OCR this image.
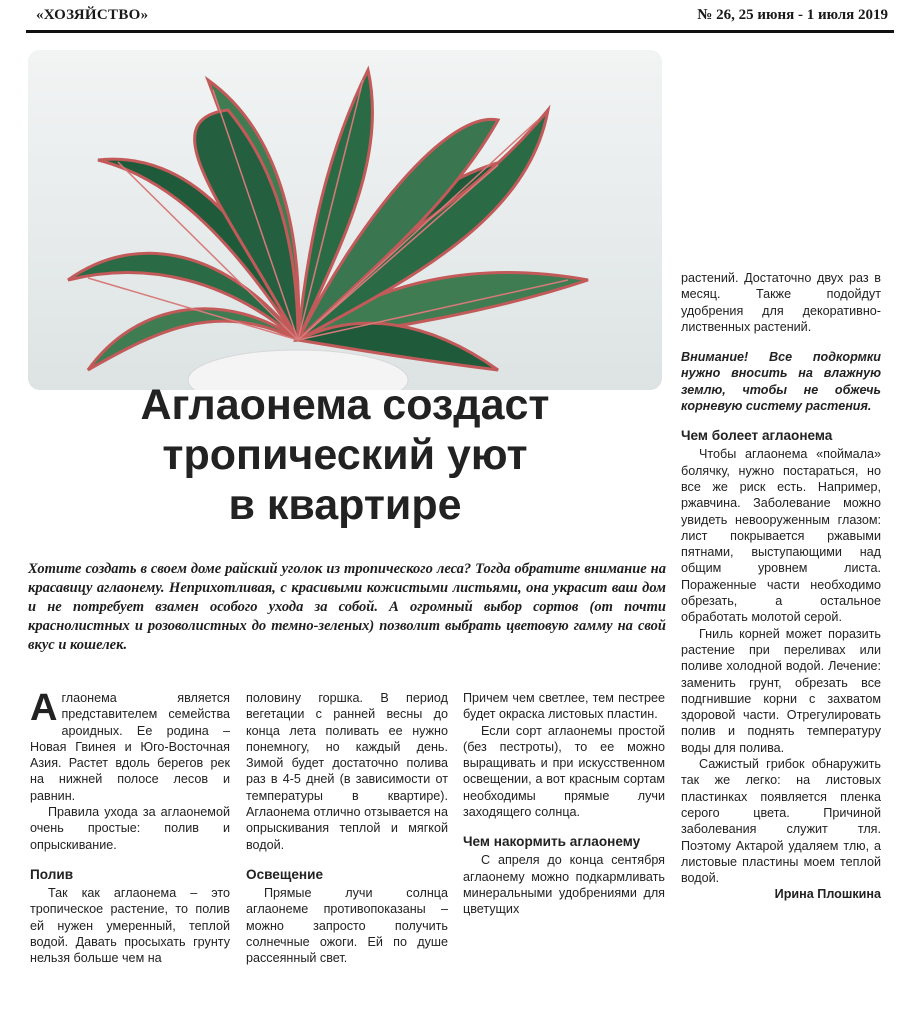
«ХОЗЯЙСТВО»	№ 26, 25 июня - 1 июля 2019
Аглаонема создаст
тропический уют
в квартире
Хотите создать в своем доме райский уголок из тропического леса? Тогда обратите внимание на красавицу аглаонему. Неприхотливая, с красивыми кожистыми листьями, она украсит ваш дом и не потребует взамен особого ухода за собой. А огромный выбор сортов (от почти краснолистных и розоволистных до темно-зеленых) позволит выбрать цветовую гамму на свой вкус и кошелек.

Аглаонема является представителем семейства ароидных. Ее родина – Новая Гвинея и Юго-Восточная Азия. Растет вдоль берегов рек на нижней полосе лесов и равнин.

Правила ухода за аглаонемой очень простые: полив и опрыскивание.

Полив

Так как аглаонема – это тропическое растение, то полив ей нужен умеренный, теплой водой. Давать просыхать грунту нельзя больше чем на

половину горшка. В период вегетации с ранней весны до конца лета поливать ее нужно понемногу, но каждый день. Зимой будет достаточно полива раз в 4-5 дней (в зависимости от температуры в квартире). Аглаонема отлично отзывается на опрыскивания теплой и мягкой водой.

Освещение

Прямые лучи солнца аглаонеме противопоказаны – можно запросто получить солнечные ожоги. Ей по душе рассеянный свет.

Причем чем светлее, тем пестрее будет окраска листовых пластин.

Если сорт аглаонемы простой (без пестроты), то ее можно выращивать и при искусственном освещении, а вот красным сортам необходимы прямые лучи заходящего солнца.

Чем накормить аглаонему

С апреля до конца сентября аглаонему можно подкармливать минеральными удобрениями для цветущих

растений. Достаточно двух раз в месяц. Также подойдут удобрения для декоративно-лиственных растений.

Внимание! Все подкормки нужно вносить на влажную землю, чтобы не обжечь корневую систему растения.

Чем болеет аглаонема

Чтобы аглаонема «поймала» болячку, нужно постараться, но все же риск есть. Например, ржавчина. Заболевание можно увидеть невооруженным глазом: лист покрывается ржавыми пятнами, выступающими над общим уровнем листа. Пораженные части необходимо обрезать, а остальное обработать молотой серой.

Гниль корней может поразить растение при переливах или поливе холодной водой. Лечение: заменить грунт, обрезать все подгнившие корни с захватом здоровой части. Отрегулировать полив и поднять температуру воды для полива.

Сажистый грибок обнаружить так же легко: на листовых пластинках появляется пленка серого цвета. Причиной заболевания служит тля. Поэтому Актарой удаляем тлю, а листовые пластины моем теплой водой.

Ирина Плошкина
